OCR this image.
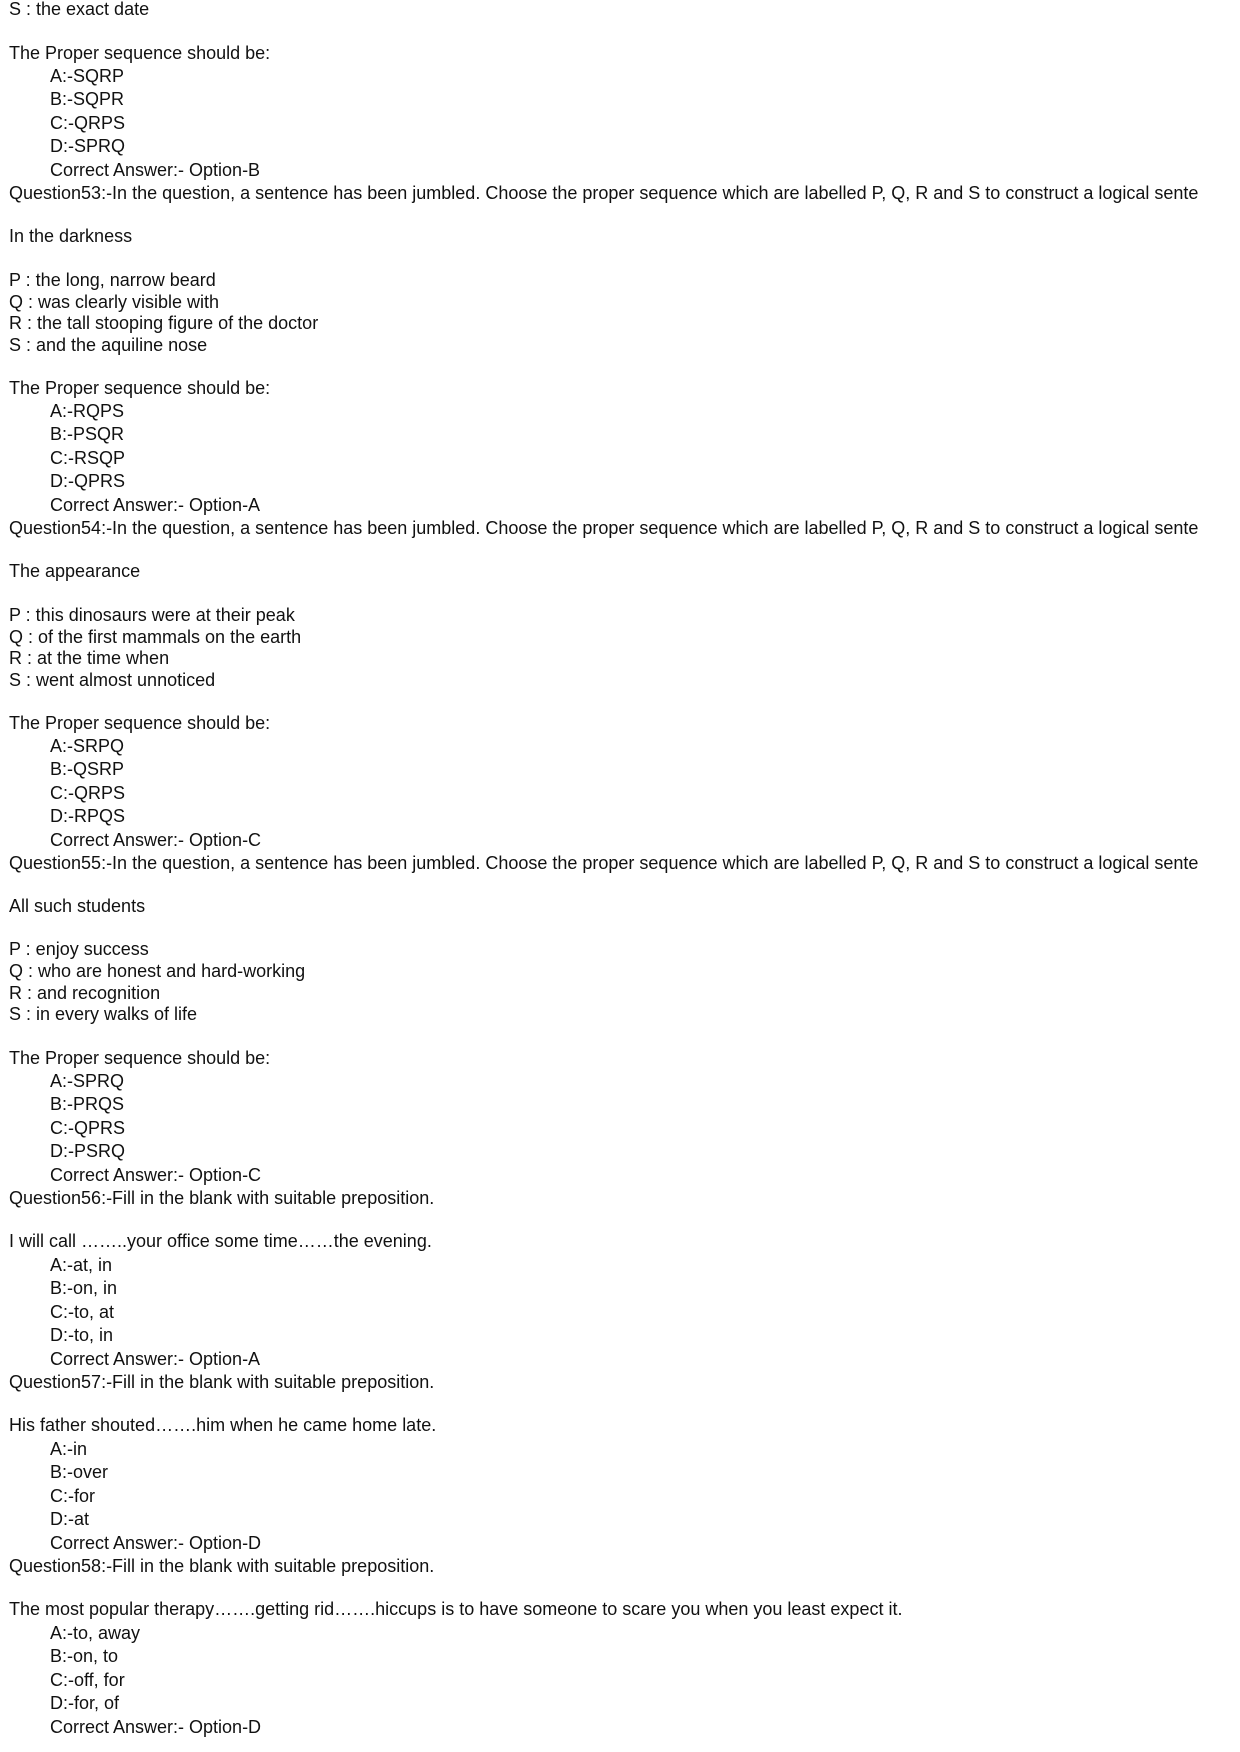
S : the exact date
The Proper sequence should be:
A:-SQRP
B:-SQPR
C:-QRPS
D:-SPRQ
Correct Answer:- Option-B
Question53:-In the question, a sentence has been jumbled. Choose the proper sequence which are labelled P, Q, R and S to construct a logical sente
In the darkness
P : the long, narrow beard
Q : was clearly visible with
R : the tall stooping figure of the doctor
S : and the aquiline nose
The Proper sequence should be:
A:-RQPS
B:-PSQR
C:-RSQP
D:-QPRS
Correct Answer:- Option-A
Question54:-In the question, a sentence has been jumbled. Choose the proper sequence which are labelled P, Q, R and S to construct a logical sente
The appearance
P : this dinosaurs were at their peak
Q : of the first mammals on the earth
R : at the time when
S : went almost unnoticed
The Proper sequence should be:
A:-SRPQ
B:-QSRP
C:-QRPS
D:-RPQS
Correct Answer:- Option-C
Question55:-In the question, a sentence has been jumbled. Choose the proper sequence which are labelled P, Q, R and S to construct a logical sente
All such students
P : enjoy success
Q : who are honest and hard-working
R : and recognition
S : in every walks of life
The Proper sequence should be:
A:-SPRQ
B:-PRQS
C:-QPRS
D:-PSRQ
Correct Answer:- Option-C
Question56:-Fill in the blank with suitable preposition.
I will call ……..your office some time……the evening.
A:-at, in
B:-on, in
C:-to, at
D:-to, in
Correct Answer:- Option-A
Question57:-Fill in the blank with suitable preposition.
His father shouted…….him when he came home late.
A:-in
B:-over
C:-for
D:-at
Correct Answer:- Option-D
Question58:-Fill in the blank with suitable preposition.
The most popular therapy…….getting rid…….hiccups is to have someone to scare you when you least expect it.
A:-to, away
B:-on, to
C:-off, for
D:-for, of
Correct Answer:- Option-D
